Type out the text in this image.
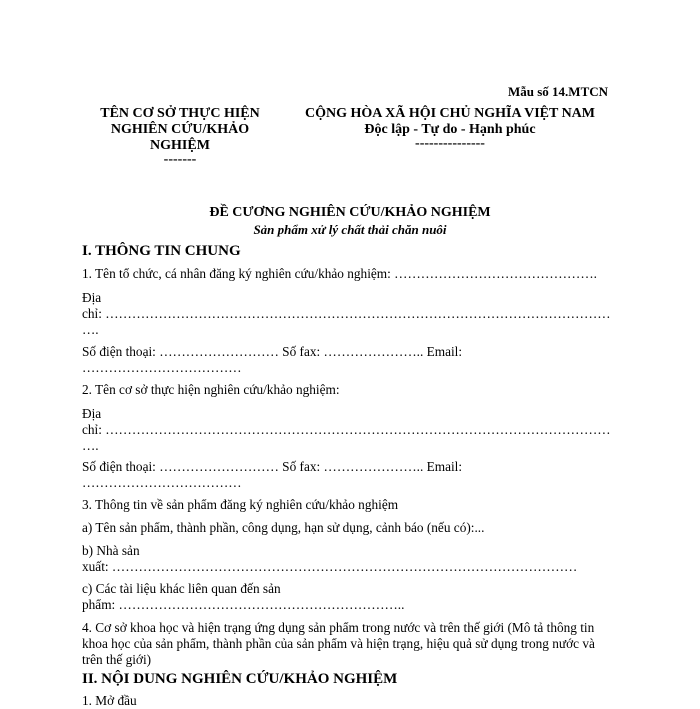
Mẫu số 14.MTCN
TÊN CƠ SỞ THỰC HIỆN
NGHIÊN CỨU/KHẢO
NGHIỆM
-------
CỘNG HÒA XÃ HỘI CHỦ NGHĨA VIỆT NAM
Độc lập - Tự do - Hạnh phúc
---------------
ĐỀ CƯƠNG NGHIÊN CỨU/KHẢO NGHIỆM
Sản phẩm xử lý chất thải chăn nuôi
I. THÔNG TIN CHUNG
1. Tên tổ chức, cá nhân đăng ký nghiên cứu/khảo nghiệm: ……………………………………….
Địa
chỉ: ……………………………………………………………………………………………………
….
Số điện thoại: ……………………… Số fax: ………………….. Email:
………………………………
2. Tên cơ sở thực hiện nghiên cứu/khảo nghiệm:
Địa
chỉ: ……………………………………………………………………………………………………
….
Số điện thoại: ……………………… Số fax: ………………….. Email:
………………………………
3. Thông tin về sản phẩm đăng ký nghiên cứu/khảo nghiệm
a) Tên sản phẩm, thành phần, công dụng, hạn sử dụng, cảnh báo (nếu có):...
b) Nhà sản
xuất: ……………………………………………………………………………………………
c) Các tài liệu khác liên quan đến sản
phẩm: ………………………………………………………..
4. Cơ sở khoa học và hiện trạng ứng dụng sản phẩm trong nước và trên thế giới (Mô tả thông tin
khoa học của sản phẩm, thành phần của sản phẩm và hiện trạng, hiệu quả sử dụng trong nước và
trên thế giới)
II. NỘI DUNG NGHIÊN CỨU/KHẢO NGHIỆM
1. Mở đầu
